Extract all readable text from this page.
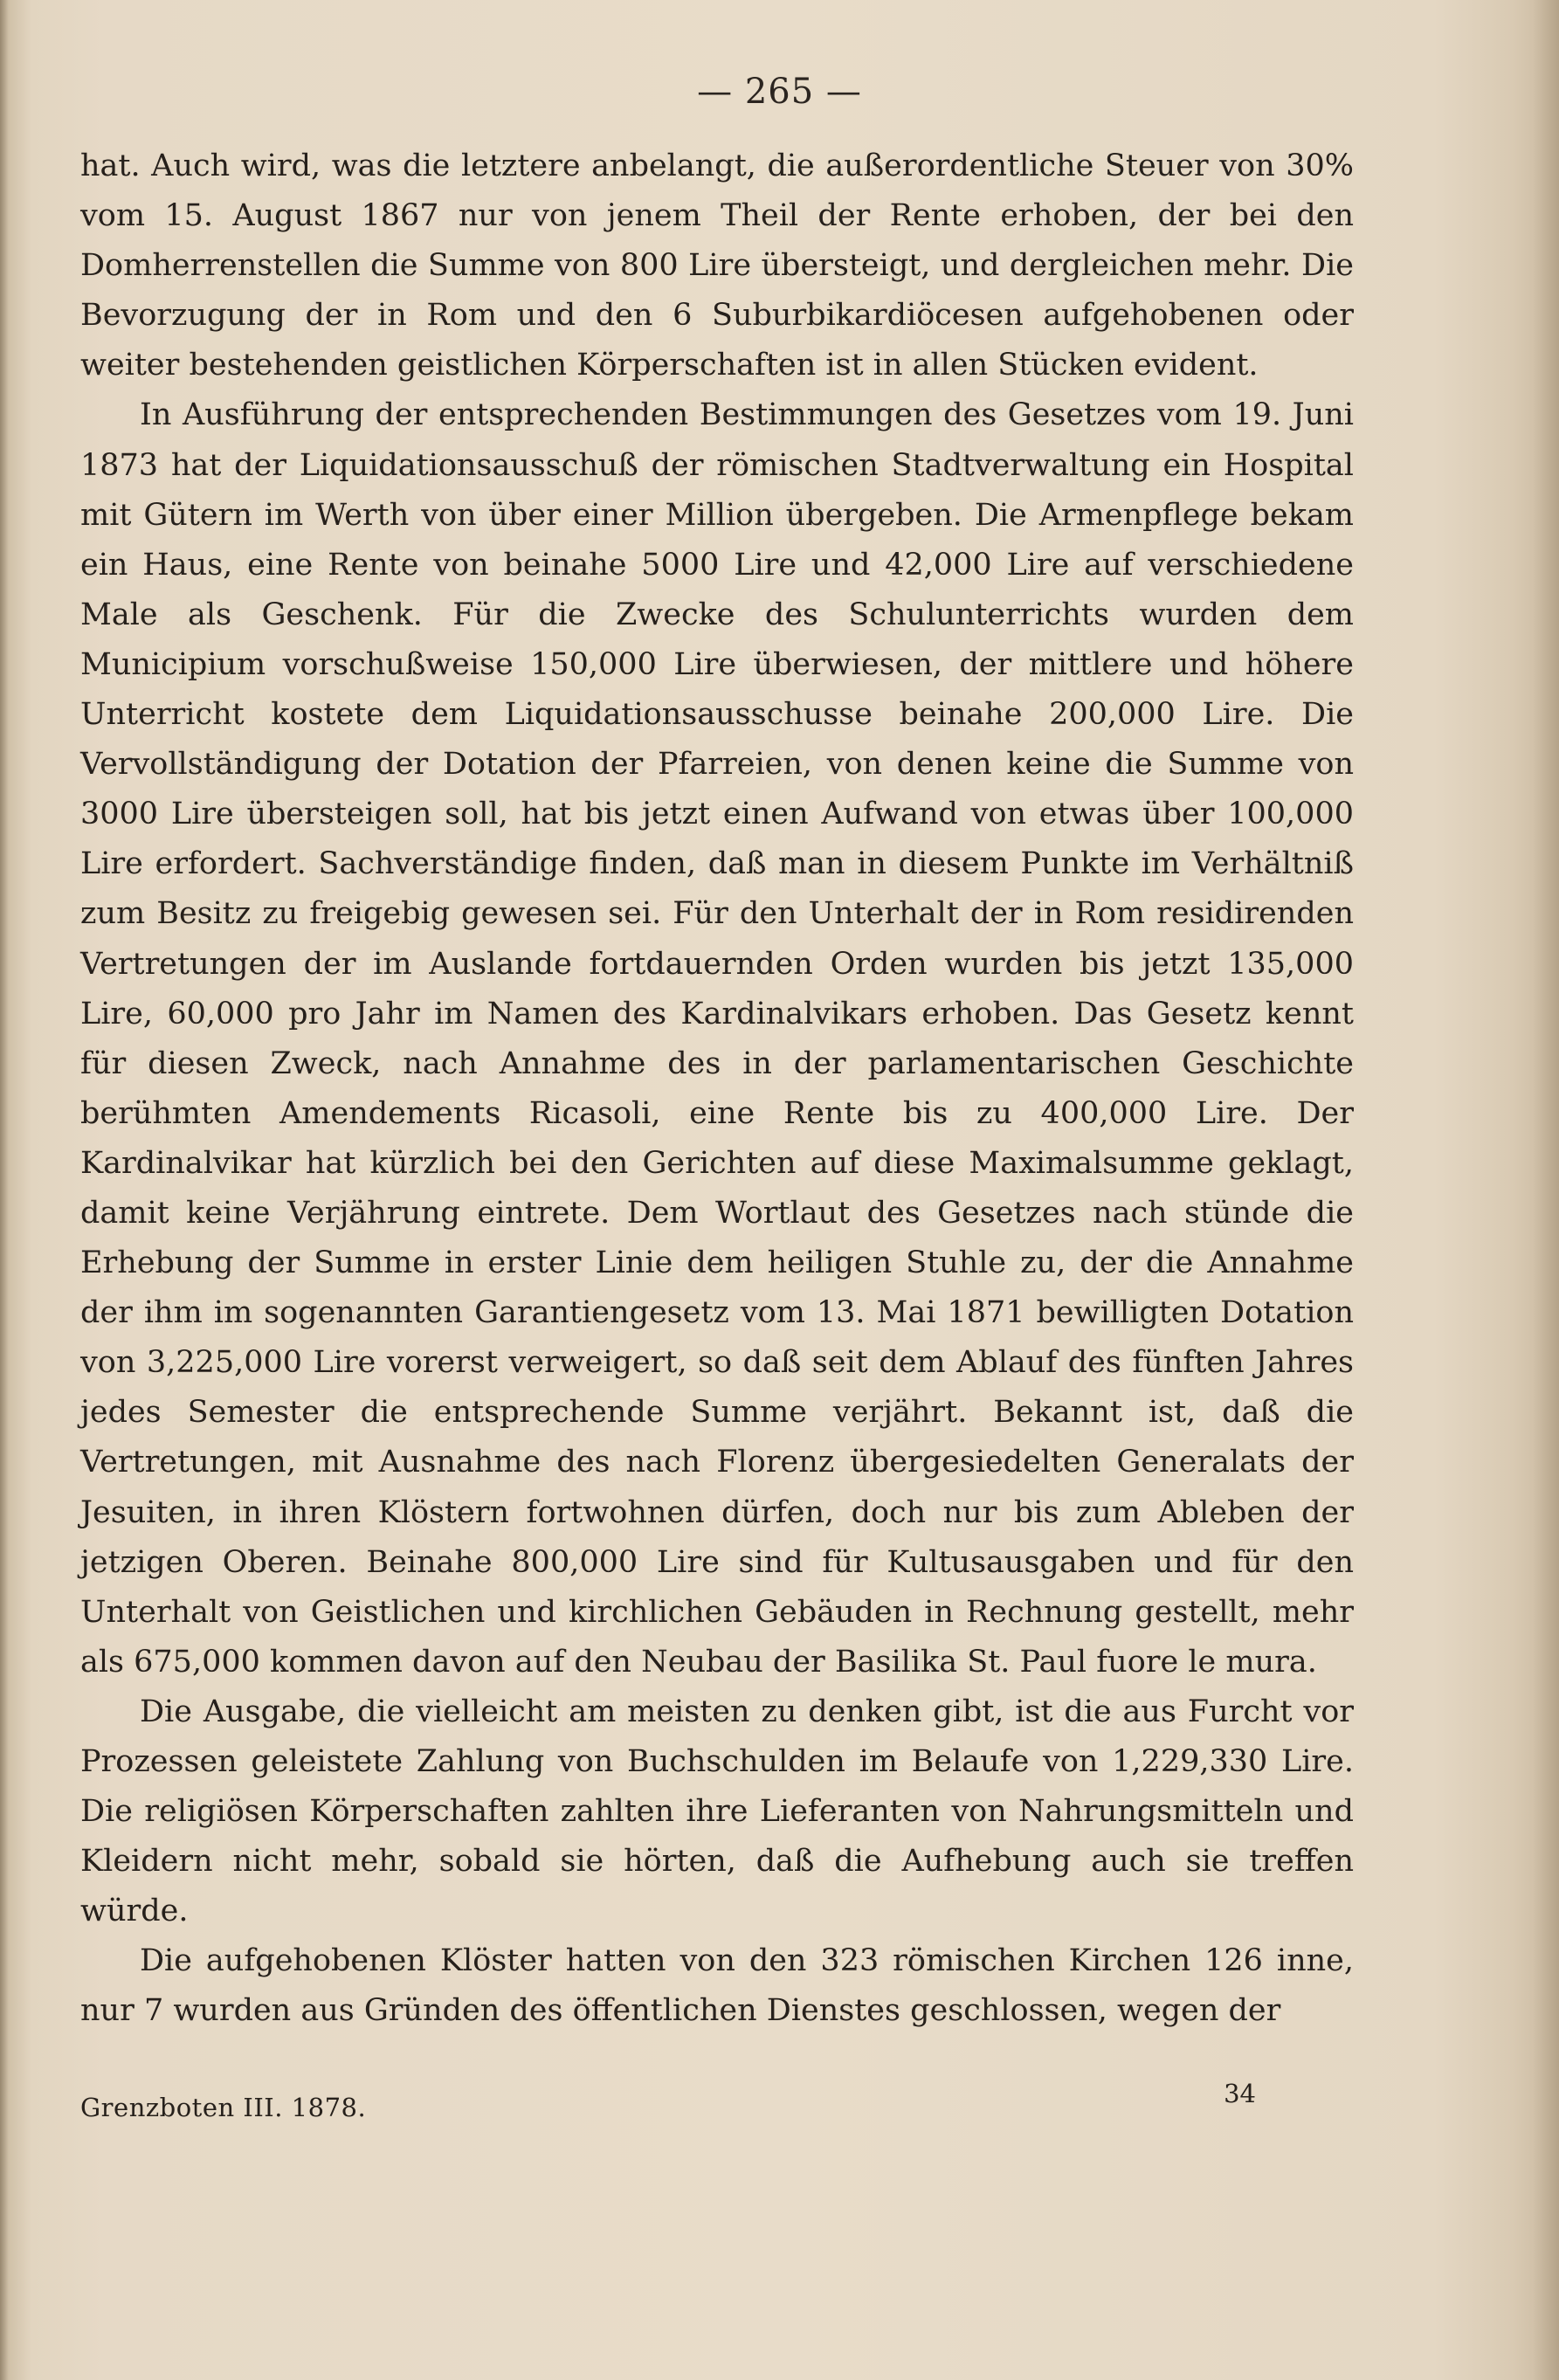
— 265 —

hat. Auch wird, was die letztere anbelangt, die außerordentliche Steuer von 30% vom 15. August 1867 nur von jenem Theil der Rente erhoben, der bei den Domherrenstellen die Summe von 800 Lire übersteigt, und dergleichen mehr. Die Bevorzugung der in Rom und den 6 Suburbikardiöcesen aufgehobenen oder weiter bestehenden geistlichen Körperschaften ist in allen Stücken evident.

In Ausführung der entsprechenden Bestimmungen des Gesetzes vom 19. Juni 1873 hat der Liquidationsausschuß der römischen Stadtverwaltung ein Hospital mit Gütern im Werth von über einer Million übergeben. Die Armenpflege bekam ein Haus, eine Rente von beinahe 5000 Lire und 42,000 Lire auf verschiedene Male als Geschenk. Für die Zwecke des Schulunterrichts wurden dem Municipium vorschußweise 150,000 Lire überwiesen, der mittlere und höhere Unterricht kostete dem Liquidationsausschusse beinahe 200,000 Lire. Die Vervollständigung der Dotation der Pfarreien, von denen keine die Summe von 3000 Lire übersteigen soll, hat bis jetzt einen Aufwand von etwas über 100,000 Lire erfordert. Sachverständige finden, daß man in diesem Punkte im Verhältniß zum Besitz zu freigebig gewesen sei. Für den Unterhalt der in Rom residirenden Vertretungen der im Auslande fortdauernden Orden wurden bis jetzt 135,000 Lire, 60,000 pro Jahr im Namen des Kardinalvikars erhoben. Das Gesetz kennt für diesen Zweck, nach Annahme des in der parlamentarischen Geschichte berühmten Amendements Ricasoli, eine Rente bis zu 400,000 Lire. Der Kardinalvikar hat kürzlich bei den Gerichten auf diese Maximalsumme geklagt, damit keine Verjährung eintrete. Dem Wortlaut des Gesetzes nach stünde die Erhebung der Summe in erster Linie dem heiligen Stuhle zu, der die Annahme der ihm im sogenannten Garantiengesetz vom 13. Mai 1871 bewilligten Dotation von 3,225,000 Lire vorerst verweigert, so daß seit dem Ablauf des fünften Jahres jedes Semester die entsprechende Summe verjährt. Bekannt ist, daß die Vertretungen, mit Ausnahme des nach Florenz übergesiedelten Generalats der Jesuiten, in ihren Klöstern fortwohnen dürfen, doch nur bis zum Ableben der jetzigen Oberen. Beinahe 800,000 Lire sind für Kultusausgaben und für den Unterhalt von Geistlichen und kirchlichen Gebäuden in Rechnung gestellt, mehr als 675,000 kommen davon auf den Neubau der Basilika St. Paul fuore le mura.

Die Ausgabe, die vielleicht am meisten zu denken gibt, ist die aus Furcht vor Prozessen geleistete Zahlung von Buchschulden im Belaufe von 1,229,330 Lire. Die religiösen Körperschaften zahlten ihre Lieferanten von Nahrungsmitteln und Kleidern nicht mehr, sobald sie hörten, daß die Aufhebung auch sie treffen würde.

Die aufgehobenen Klöster hatten von den 323 römischen Kirchen 126 inne, nur 7 wurden aus Gründen des öffentlichen Dienstes geschlossen, wegen der

Grenzboten III. 1878.	34
